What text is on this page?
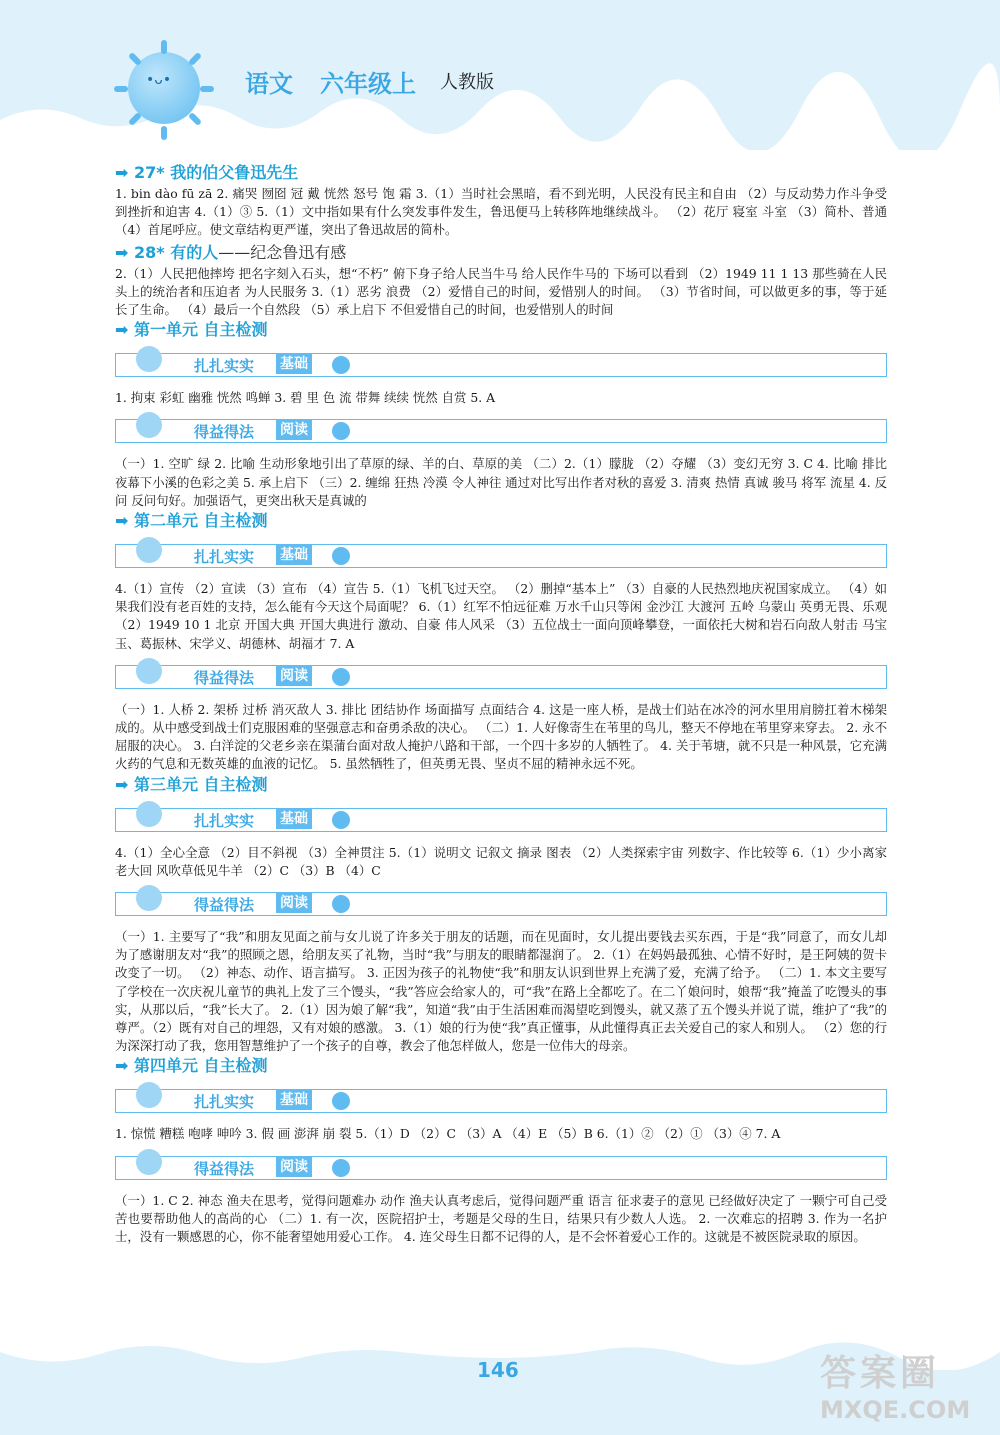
•ᴗ•	语文 六年级上 人教版
➡ 27* 我的伯父鲁迅先生

1. bin dào fū zā 2. 痛哭 囫囵 冠 戴 恍然 怒号 饱 霜 3.（1）当时社会黑暗，看不到光明，人民没有民主和自由 （2）与反动势力作斗争受到挫折和迫害 4.（1）③ 5.（1）文中指如果有什么突发事件发生，鲁迅便马上转移阵地继续战斗。 （2）花厅 寝室 斗室 （3）简朴、普通 （4）首尾呼应。使文章结构更严谨，突出了鲁迅故居的简朴。

➡ 28* 有的人——纪念鲁迅有感

2.（1）人民把他摔垮 把名字刻入石头，想“不朽” 俯下身子给人民当牛马 给人民作牛马的 下场可以看到 （2）1949 11 1 13 那些骑在人民头上的统治者和压迫者 为人民服务 3.（1）恶劣 浪费 （2）爱惜自己的时间，爱惜别人的时间。 （3）节省时间，可以做更多的事，等于延长了生命。 （4）最后一个自然段 （5）承上启下 不但爱惜自己的时间，也爱惜别人的时间

➡ 第一单元 自主检测
扎扎实实 基础

1. 拘束 彩虹 幽雅 恍然 鸣蝉 3. 碧 里 色 流 带舞 续续 恍然 自赏 5. A

得益得法 阅读

（一）1. 空旷 绿 2. 比喻 生动形象地引出了草原的绿、羊的白、草原的美 （二）2.（1）朦胧 （2）夺耀 （3）变幻无穷 3. C 4. 比喻 排比 夜幕下小溪的色彩之美 5. 承上启下 （三）2. 缠绵 狂热 冷漠 令人神往 通过对比写出作者对秋的喜爱 3. 清爽 热情 真诚 骏马 将军 流星 4. 反问 反问句好。加强语气，更突出秋天是真诚的

➡ 第二单元 自主检测
扎扎实实 基础

4.（1）宣传 （2）宣读 （3）宣布 （4）宣告 5.（1）飞机飞过天空。 （2）删掉“基本上” （3）自豪的人民热烈地庆祝国家成立。 （4）如果我们没有老百姓的支持，怎么能有今天这个局面呢？ 6.（1）红军不怕远征难 万水千山只等闲 金沙江 大渡河 五岭 乌蒙山 英勇无畏、乐观 （2）1949 10 1 北京 开国大典 开国大典进行 激动、自豪 伟人风采 （3）五位战士一面向顶峰攀登，一面依托大树和岩石向敌人射击 马宝玉、葛振林、宋学义、胡德林、胡福才 7. A

得益得法 阅读

（一）1. 人桥 2. 架桥 过桥 消灭敌人 3. 排比 团结协作 场面描写 点面结合 4. 这是一座人桥，是战士们站在冰冷的河水里用肩膀扛着木梯架成的。从中感受到战士们克服困难的坚强意志和奋勇杀敌的决心。 （二）1. 人好像寄生在苇里的鸟儿，整天不停地在苇里穿来穿去。 2. 永不屈服的决心。 3. 白洋淀的父老乡亲在渠蒲台面对敌人掩护八路和干部，一个四十多岁的人牺牲了。 4. 关于苇塘，就不只是一种风景，它充满火药的气息和无数英雄的血液的记忆。 5. 虽然牺牲了，但英勇无畏、坚贞不屈的精神永远不死。

➡ 第三单元 自主检测
扎扎实实 基础

4.（1）全心全意 （2）目不斜视 （3）全神贯注 5.（1）说明文 记叙文 摘录 图表 （2）人类探索宇宙 列数字、作比较等 6.（1）少小离家老大回 风吹草低见牛羊 （2）C （3）B （4）C

得益得法 阅读

（一）1. 主要写了“我”和朋友见面之前与女儿说了许多关于朋友的话题，而在见面时，女儿提出要钱去买东西，于是“我”同意了，而女儿却为了感谢朋友对“我”的照顾之恩，给朋友买了礼物，当时“我”与朋友的眼睛都湿润了。 2.（1）在妈妈最孤独、心情不好时，是王阿姨的贺卡改变了一切。 （2）神态、动作、语言描写。 3. 正因为孩子的礼物使“我”和朋友认识到世界上充满了爱，充满了给予。 （二）1. 本文主要写了学校在一次庆祝儿童节的典礼上发了三个馒头，“我”答应会给家人的，可“我”在路上全都吃了。在二丫娘问时，娘帮“我”掩盖了吃馒头的事实，从那以后，“我”长大了。 2.（1）因为娘了解“我”，知道“我”由于生活困难而渴望吃到馒头，就又蒸了五个馒头并说了谎，维护了“我”的尊严。（2）既有对自己的埋怨，又有对娘的感激。 3.（1）娘的行为使“我”真正懂事，从此懂得真正去关爱自己的家人和别人。 （2）您的行为深深打动了我，您用智慧维护了一个孩子的自尊，教会了他怎样做人，您是一位伟大的母亲。

➡ 第四单元 自主检测
扎扎实实 基础

1. 惊慌 糟糕 咆哮 呻吟 3. 假 画 澎湃 崩 裂 5.（1）D （2）C （3）A （4）E （5）B 6.（1）② （2）① （3）④ 7. A

得益得法 阅读

（一）1. C 2. 神态 渔夫在思考，觉得问题难办 动作 渔夫认真考虑后，觉得问题严重 语言 征求妻子的意见 已经做好决定了 一颗宁可自己受苦也要帮助他人的高尚的心 （二）1. 有一次，医院招护士，考题是父母的生日，结果只有少数人人选。 2. 一次难忘的招聘 3. 作为一名护士，没有一颗感恩的心，你不能奢望她用爱心工作。 4. 连父母生日都不记得的人，是不会怀着爱心工作的。这就是不被医院录取的原因。

146	答案圈
MXQE.COM
